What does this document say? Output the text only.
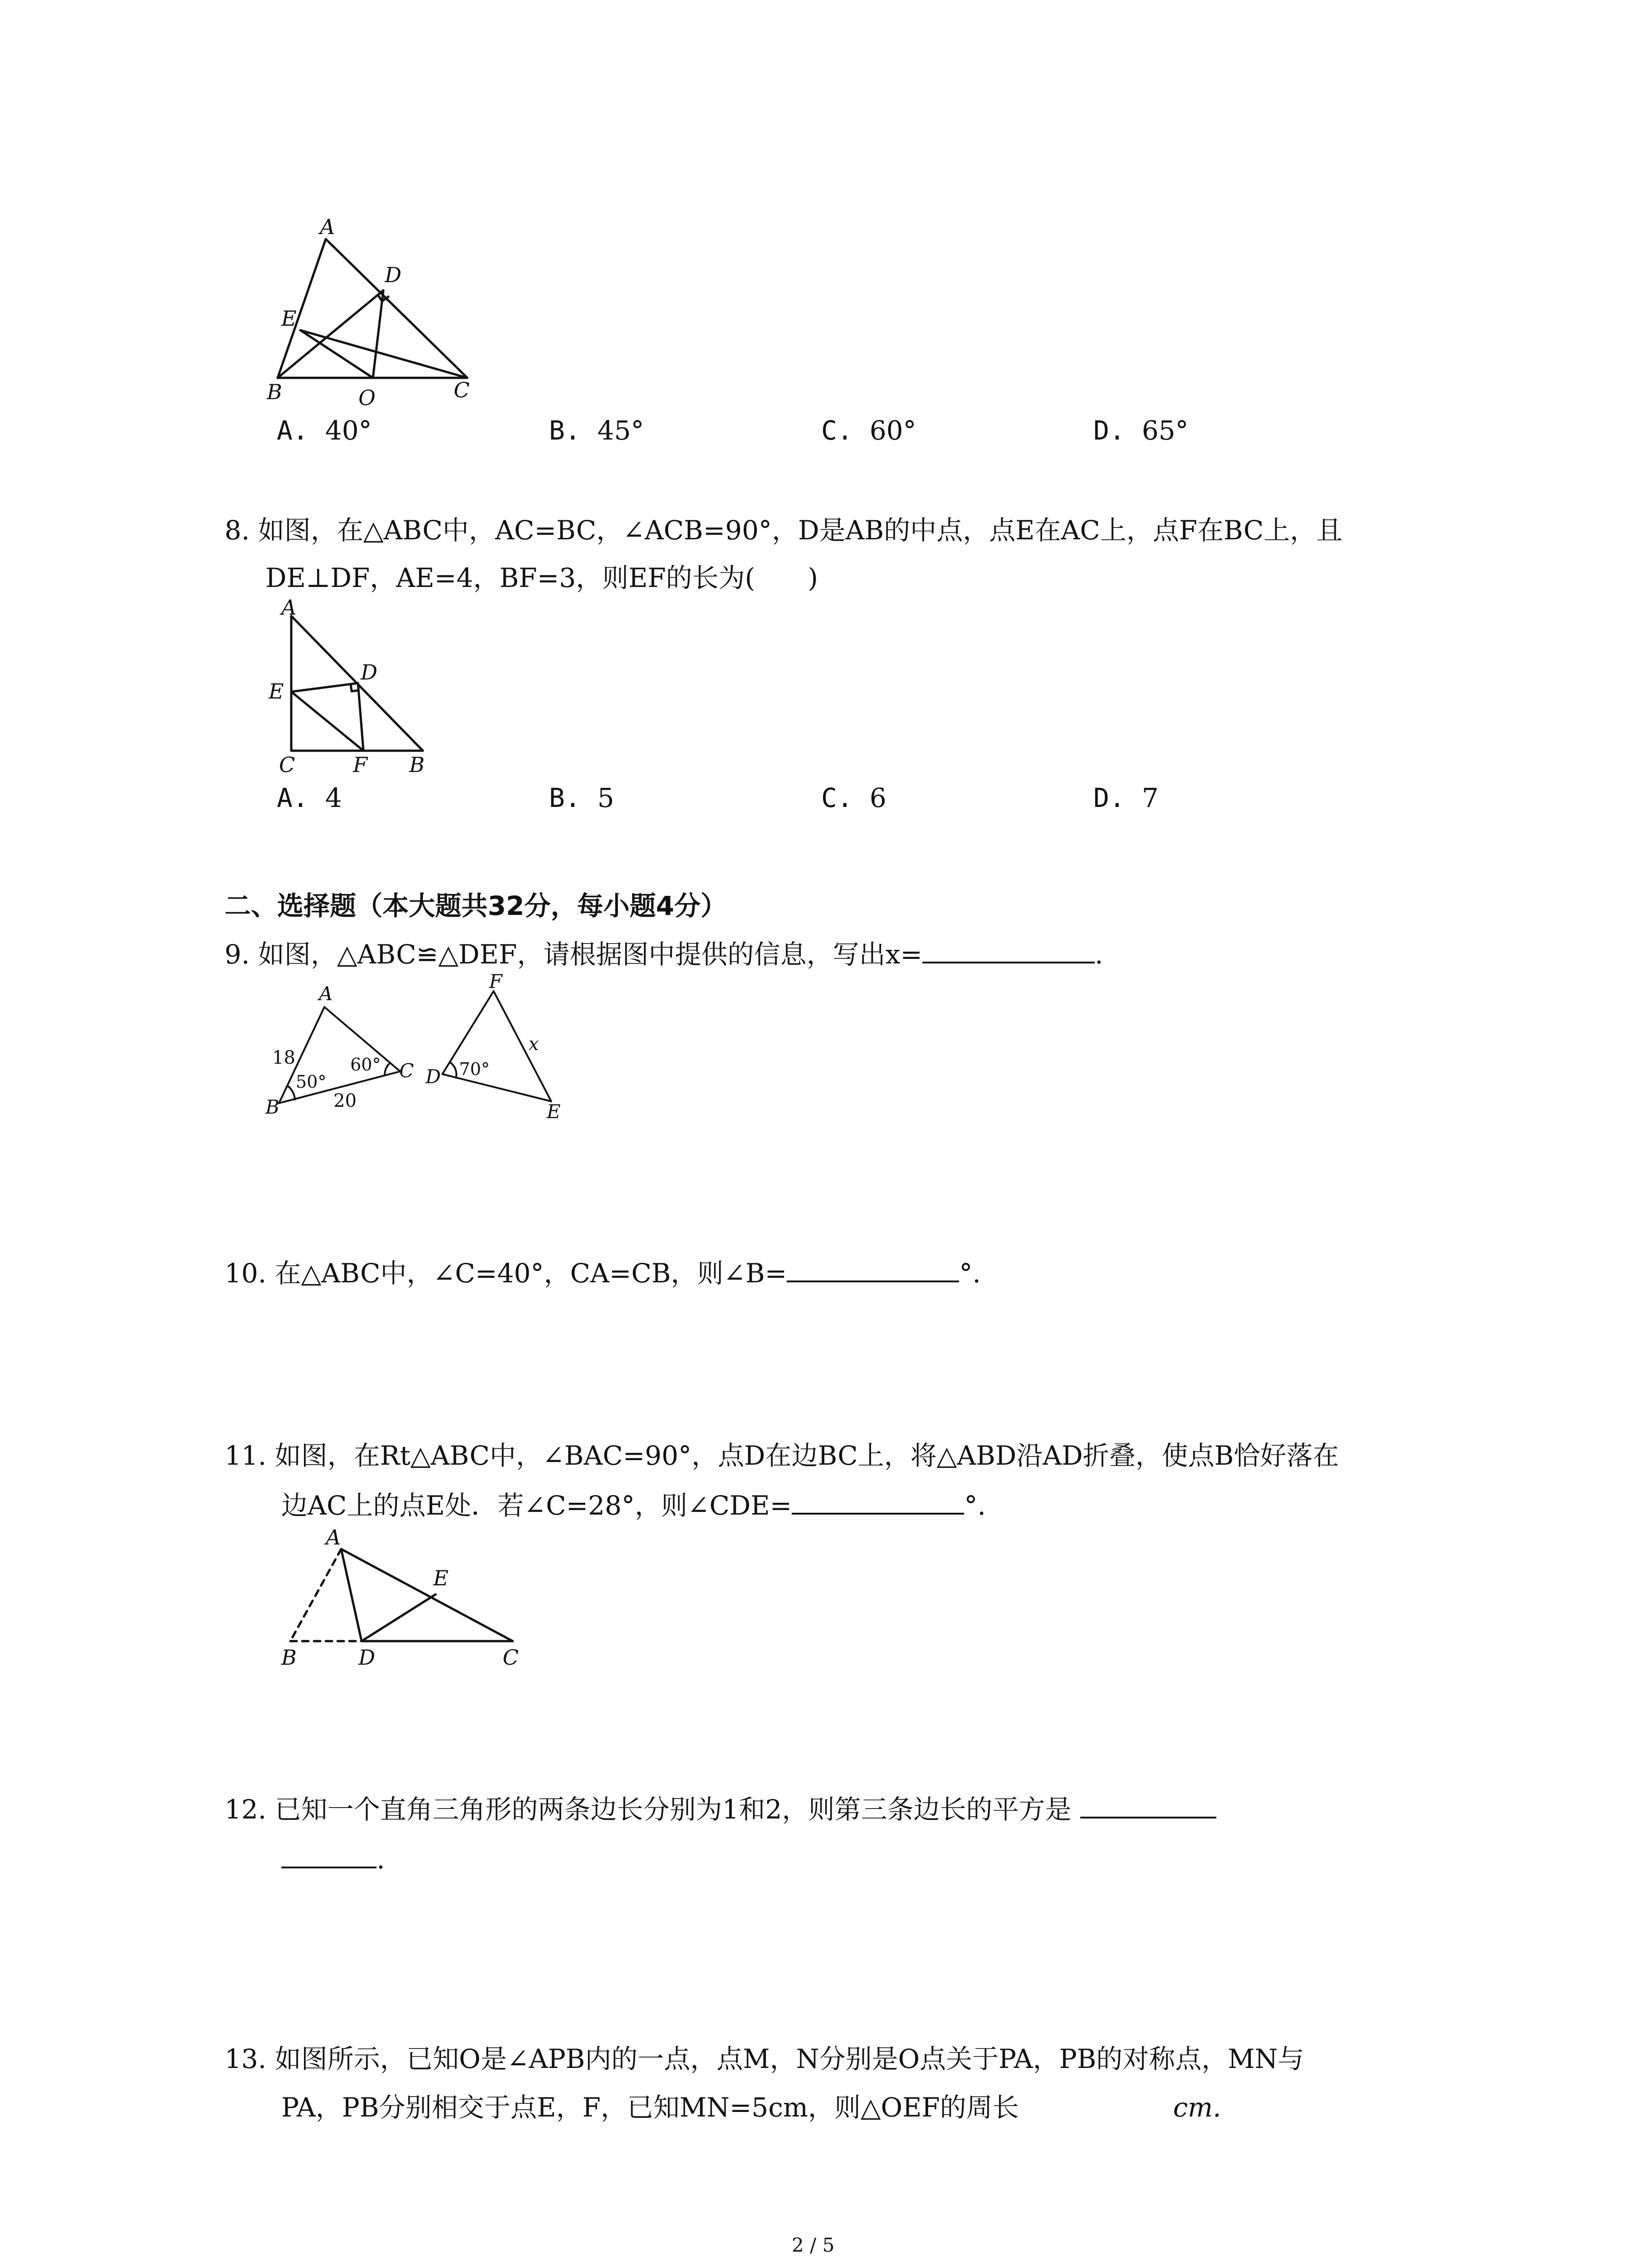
A
D
E
B	O	C
A. 40°	B. 45°	C. 60°	D. 65°
8. 如图，在△ABC中，AC=BC，∠ACB=90°，D是AB的中点，点E在AC上，点F在BC上，且
DE⊥DF，AE=4，BF=3，则EF的长为(　　)
A
D
E
C	F B
A. 4	B. 5	C. 6	D. 7
二、选择题（本大题共32分，每小题4分）
9. 如图，△ABC≌△DEF，请根据图中提供的信息，写出x=	.
A
18
50°
60° C
B	20
F
x
D 70°
E
10. 在△ABC中，∠C=40°，CA=CB，则∠B=	°.
11. 如图，在Rt△ABC中，∠BAC=90°，点D在边BC上，将△ABD沿AD折叠，使点B恰好落在
边AC上的点E处．若∠C=28°，则∠CDE=	°.
A
E
B	D	C
12. 已知一个直角三角形的两条边长分别为1和2，则第三条边长的平方是
.
13. 如图所示，已知O是∠APB内的一点，点M，N分别是O点关于PA，PB的对称点，MN与
PA，PB分别相交于点E，F，已知MN=5cm，则△OEF的周长	cm.
2 / 5
